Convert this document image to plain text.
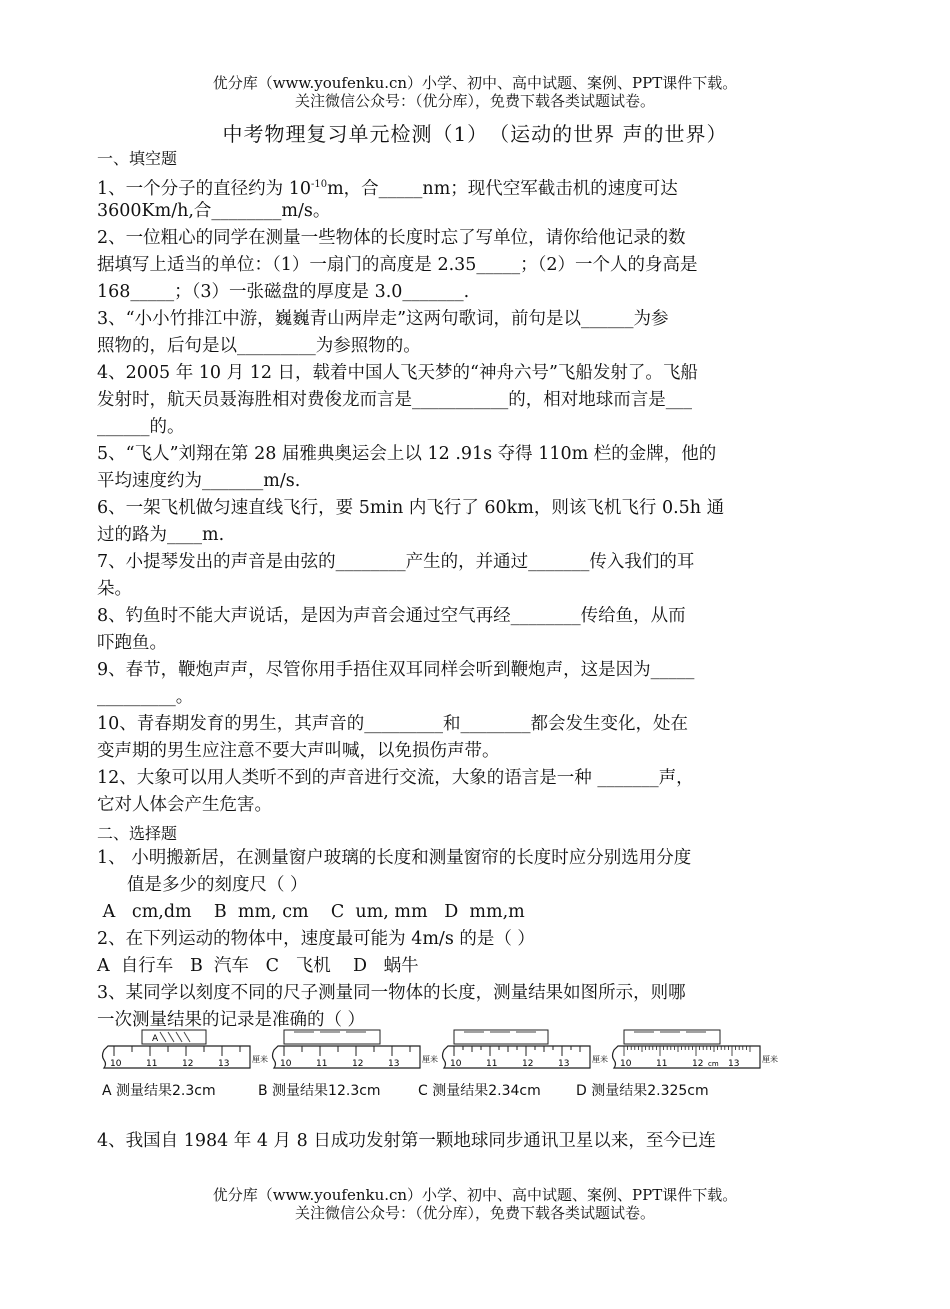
优分库（www.youfenku.cn）小学、初中、高中试题、案例、PPT课件下载。
关注微信公众号：（优分库），免费下载各类试题试卷。
中考物理复习单元检测（1）　（运动的世界 声的世界）
一、填空题
1、一个分子的直径约为 $10^{-10}m$，合_____nm；现代空军截击机的速度可达
3600Km/h,合________m/s。
2、一位粗心的同学在测量一些物体的长度时忘了写单位，请你给他记录的数
据填写上适当的单位：（1）一扇门的高度是 2.35_____；（2）一个人的身高是
168_____；（3）一张磁盘的厚度是 3.0_______.
3、“小小竹排江中游，巍巍青山两岸走”这两句歌词，前句是以______为参
照物的，后句是以_________为参照物的。
4、2005 年 10 月 12 日，载着中国人飞天梦的“神舟六号”飞船发射了。飞船
发射时，航天员聂海胜相对费俊龙而言是___________的，相对地球而言是___
______的。
5、“飞人”刘翔在第 28 届雅典奥运会上以 12 .91s 夺得 110m 栏的金牌，他的
平均速度约为_______m/s.
6、一架飞机做匀速直线飞行，要 5min 内飞行了 60km，则该飞机飞行 0.5h 通
过的路为____m.
7、小提琴发出的声音是由弦的________产生的，并通过_______传入我们的耳
朵。
8、钓鱼时不能大声说话，是因为声音会通过空气再经________传给鱼，从而
吓跑鱼。
9、春节，鞭炮声声，尽管你用手捂住双耳同样会听到鞭炮声，这是因为_____
_________。
10、青春期发育的男生，其声音的_________和________都会发生变化，处在
变声期的男生应注意不要大声叫喊，以免损伤声带。
12、大象可以用人类听不到的声音进行交流，大象的语言是一种 _______声，
它对人体会产生危害。
二、选择题
1、 小明搬新居，在测量窗户玻璃的长度和测量窗帘的长度时应分别选用分度
值是多少的刻度尺（ ）
A   cm,dm    B  mm, cm    C  um, mm   D  mm,m
2、在下列运动的物体中，速度最可能为 4m/s 的是（ ）
A  自行车   B  汽车   C   飞机    D   蜗牛
3、某同学以刻度不同的尺子测量同一物体的长度，测量结果如图所示，则哪
一次测量结果的记录是准确的（ ）
10	11	12	13	厘米
A
10	11	12	13	厘米 10	11	12	13	厘米 10	11	12 cm 13	厘米
A 测量结果2.3cm	B 测量结果12.3cm	C 测量结果2.34cm	D 测量结果2.325cm
4、我国自 1984 年 4 月 8 日成功发射第一颗地球同步通讯卫星以来，至今已连
优分库（www.youfenku.cn）小学、初中、高中试题、案例、PPT课件下载。
关注微信公众号：（优分库），免费下载各类试题试卷。
